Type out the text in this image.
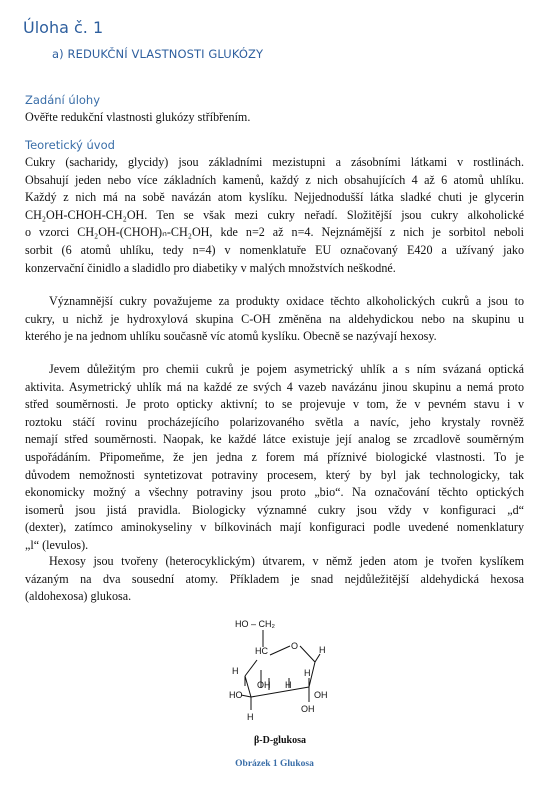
Úloha č. 1
a) REDUKČNÍ VLASTNOSTI GLUKÓZY
Zadání úlohy
Ověřte redukční vlastnosti glukózy stříbřením.
Teoretický úvod
Cukry (sacharidy, glycidy) jsou základními mezistupni a zásobními látkami v rostlinách.
Obsahují jeden nebo více základních kamenů, každý z nich obsahujících 4 až 6 atomů uhlíku.
Každý z nich má na sobě navázán atom kyslíku. Nejjednodušší látka sladké chuti je glycerin
CH₂OH-CHOH-CH₂OH. Ten se však mezi cukry neřadí. Složitější jsou cukry alkoholické
o vzorci CH₂OH-(CHOH)ₙ-CH₂OH, kde n=2 až n=4. Nejznámější z nich je sorbitol neboli
sorbit (6 atomů uhlíku, tedy n=4) v nomenklatuře EU označovaný E420 a užívaný jako
konzervační činidlo a sladidlo pro diabetiky v malých množstvích neškodné.
Významnější cukry považujeme za produkty oxidace těchto alkoholických cukrů a jsou to
cukry, u nichž je hydroxylová skupina C-OH změněna na aldehydickou nebo na skupinu u
kterého je na jednom uhlíku současně víc atomů kyslíku. Obecně se nazývají hexosy.
Jevem důležitým pro chemii cukrů je pojem asymetrický uhlík a s ním svázaná optická
aktivita. Asymetrický uhlík má na každé ze svých 4 vazeb navázánu jinou skupinu a nemá proto
střed souměrnosti. Je proto opticky aktivní; to se projevuje v tom, že v pevném stavu i v
roztoku stáčí rovinu procházejícího polarizovaného světla a navíc, jeho krystaly rovněž
nemají střed souměrnosti. Naopak, ke každé látce existuje její analog se zrcadlově souměrným
uspořádáním. Připomeňme, že jen jedna z forem má příznivé biologické vlastnosti. To je
důvodem nemožnosti syntetizovat potraviny procesem, který by byl jak technologicky, tak
ekonomicky možný a všechny potraviny jsou proto „bio“. Na označování těchto optických
isomerů jsou jistá pravidla. Biologicky významné cukry jsou vždy v konfiguraci „d“
(dexter), zatímco aminokyseliny v bílkovinách mají konfiguraci podle uvedené nomenklatury
„l“ (levulos).
Hexosy jsou tvořeny (heterocyklickým) útvarem, v němž jeden atom je tvořen kyslíkem
vázaným na dva sousední atomy. Příkladem je snad nejdůležitější aldehydická hexosa
(aldohexosa) glukosa.
HO – CH₂
HC	O H
H
OH H
H
HO	OH
H
OH
β-D-glukosa
Obrázek 1 Glukosa
